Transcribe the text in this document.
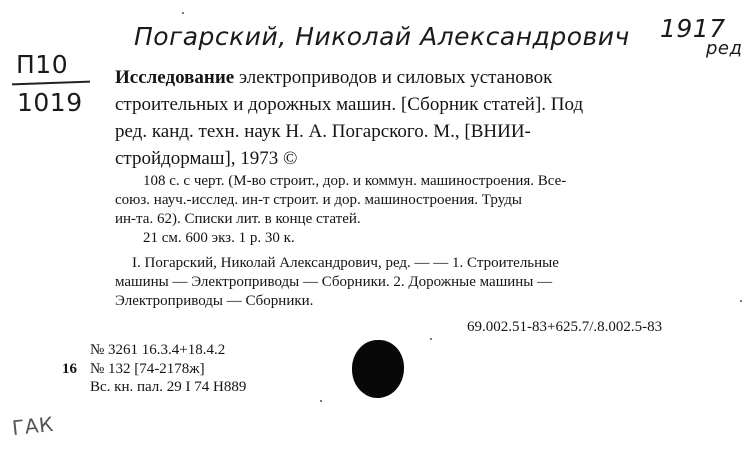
П10
1019
Погарский, Николай Александрович 1917
ред
Исследование электроприводов и силовых установок
строительных и дорожных машин. [Сборник статей]. Под
ред. канд. техн. наук Н. А. Погарского. М., [ВНИИ-
стройдормаш], 1973 ©
108 с. с черт. (М-во строит., дор. и коммун. машиностроения. Все-
союз. науч.-исслед. ин-т строит. и дор. машиностроения. Труды
ин-та. 62). Списки лит. в конце статей.
21 см. 600 экз. 1 р. 30 к.
I. Погарский, Николай Александрович, ред. — — 1. Строительные
машины — Электроприводы — Сборники. 2. Дорожные машины —
Электроприводы — Сборники.
69.002.51-83+625.7/.8.002.5-83
№ 3261 16.3.4+18.4.2
16 № 132 [74-2178ж]
Вс. кн. пал. 29 I 74 Н889
ГАК
